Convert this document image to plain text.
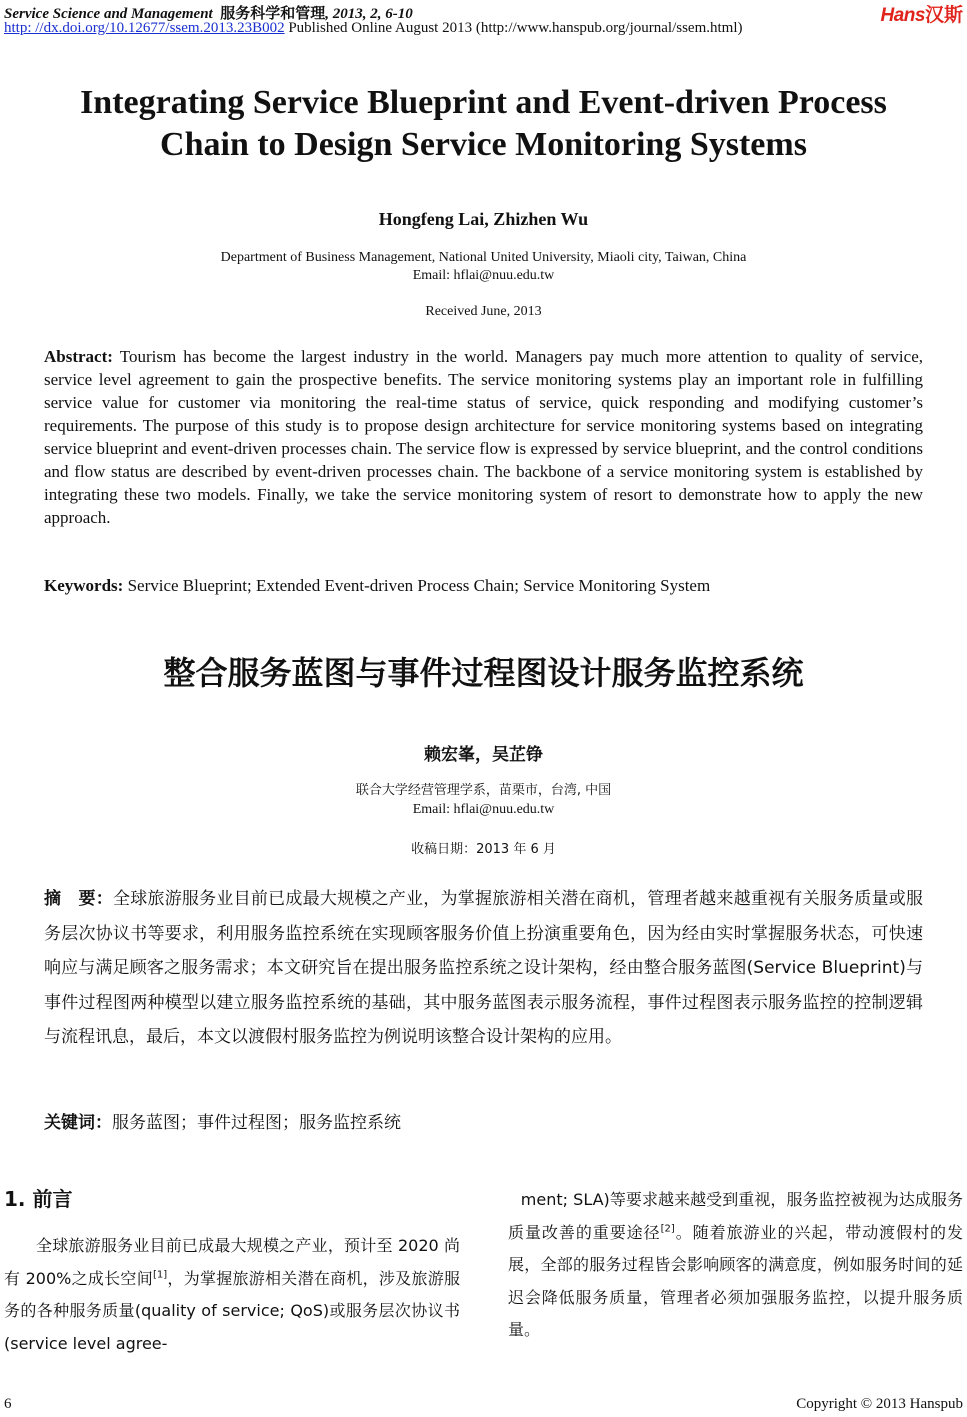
Service Science and Management 服务科学和管理, 2013, 2, 6-10
http: //dx.doi.org/10.12677/ssem.2013.23B002 Published Online August 2013 (http://www.hanspub.org/journal/ssem.html)
Hans汉斯
Integrating Service Blueprint and Event-driven Process
Chain to Design Service Monitoring Systems
Hongfeng Lai, Zhizhen Wu
Department of Business Management, National United University, Miaoli city, Taiwan, China
Email: hflai@nuu.edu.tw
Received June, 2013
Abstract: Tourism has become the largest industry in the world. Managers pay much more attention to quality of service, service level agreement to gain the prospective benefits. The service monitoring systems play an important role in fulfilling service value for customer via monitoring the real-time status of service, quick responding and modifying customer’s requirements. The purpose of this study is to propose design architecture for service monitoring systems based on integrating service blueprint and event-driven processes chain. The service flow is expressed by service blueprint, and the control conditions and flow status are described by event-driven processes chain. The backbone of a service monitoring system is established by integrating these two models. Finally, we take the service monitoring system of resort to demonstrate how to apply the new approach.
Keywords: Service Blueprint; Extended Event-driven Process Chain; Service Monitoring System
整合服务蓝图与事件过程图设计服务监控系统
赖宏峯，吴芷铮
联合大学经营管理学系，苗栗市，台湾, 中国
Email: hflai@nuu.edu.tw
收稿日期：2013 年 6 月
摘　要：全球旅游服务业目前已成最大规模之产业，为掌握旅游相关潜在商机，管理者越来越重视有关服务质量或服务层次协议书等要求，利用服务监控系统在实现顾客服务价值上扮演重要角色，因为经由实时掌握服务状态，可快速响应与满足顾客之服务需求；本文研究旨在提出服务监控系统之设计架构，经由整合服务蓝图(Service Blueprint)与事件过程图两种模型以建立服务监控系统的基础，其中服务蓝图表示服务流程，事件过程图表示服务监控的控制逻辑与流程讯息，最后，本文以渡假村服务监控为例说明该整合设计架构的应用。
关键词：服务蓝图；事件过程图；服务监控系统
1. 前言
全球旅游服务业目前已成最大规模之产业，预计至 2020 尚有 200%之成长空间[1]，为掌握旅游相关潜在商机，涉及旅游服务的各种服务质量(quality of service; QoS)或服务层次协议书(service level agree-
ment; SLA)等要求越来越受到重视，服务监控被视为达成服务质量改善的重要途径[2]。随着旅游业的兴起，带动渡假村的发展，全部的服务过程皆会影响顾客的满意度，例如服务时间的延迟会降低服务质量，管理者必须加强服务监控，以提升服务质量。
6	Copyright © 2013 Hanspub
